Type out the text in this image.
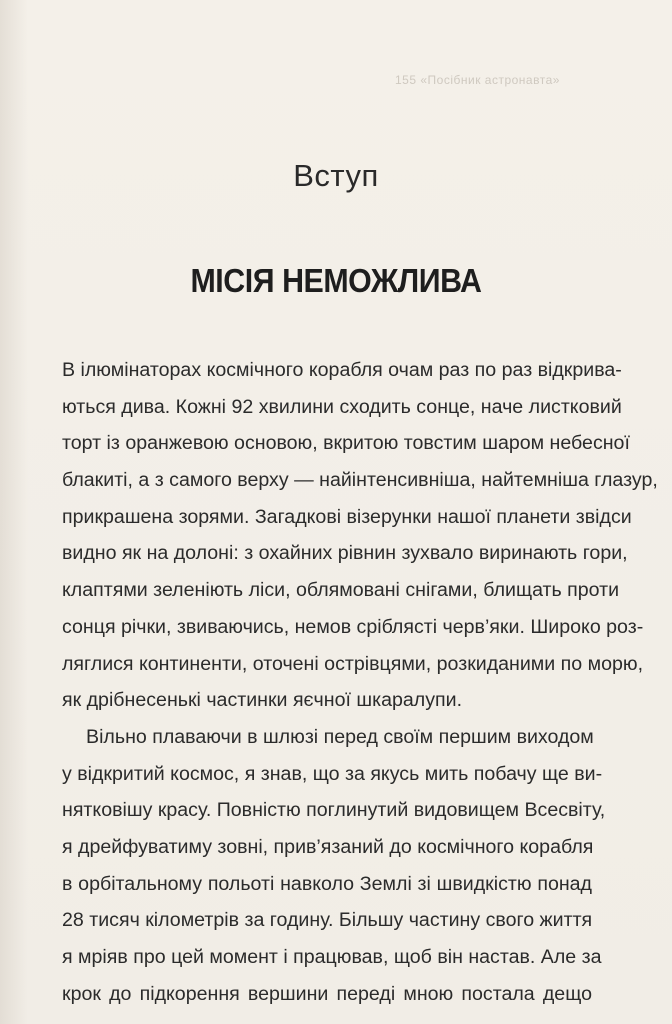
155 «Посібник астронавта»
Вступ
МІСІЯ НЕМОЖЛИВА
В ілюмінаторах космічного корабля очам раз по раз відкрива-
ються дива. Кожні 92 хвилини сходить сонце, наче листковий
торт із оранжевою основою, вкритою товстим шаром небесної
блакиті, а з самого верху — найінтенсивніша, найтемніша глазур,
прикрашена зорями. Загадкові візерунки нашої планети звідси
видно як на долоні: з охайних рівнин зухвало виринають гори,
клаптями зеленіють ліси, облямовані снігами, блищать проти
сонця річки, звиваючись, немов сріблясті черв’яки. Широко роз-
ляглися континенти, оточені острівцями, розкиданими по морю,
як дрібнесенькі частинки яєчної шкаралупи.
Вільно плаваючи в шлюзі перед своїм першим виходом
у відкритий космос, я знав, що за якусь мить побачу ще ви-
нятковішу красу. Повністю поглинутий видовищем Всесвіту,
я дрейфуватиму зовні, прив’язаний до космічного корабля
в орбітальному польоті навколо Землі зі швидкістю понад
28 тисяч кілометрів за годину. Більшу частину свого життя
я мріяв про цей момент і працював, щоб він настав. Але за
крок до підкорення вершини переді мною постала дещо
